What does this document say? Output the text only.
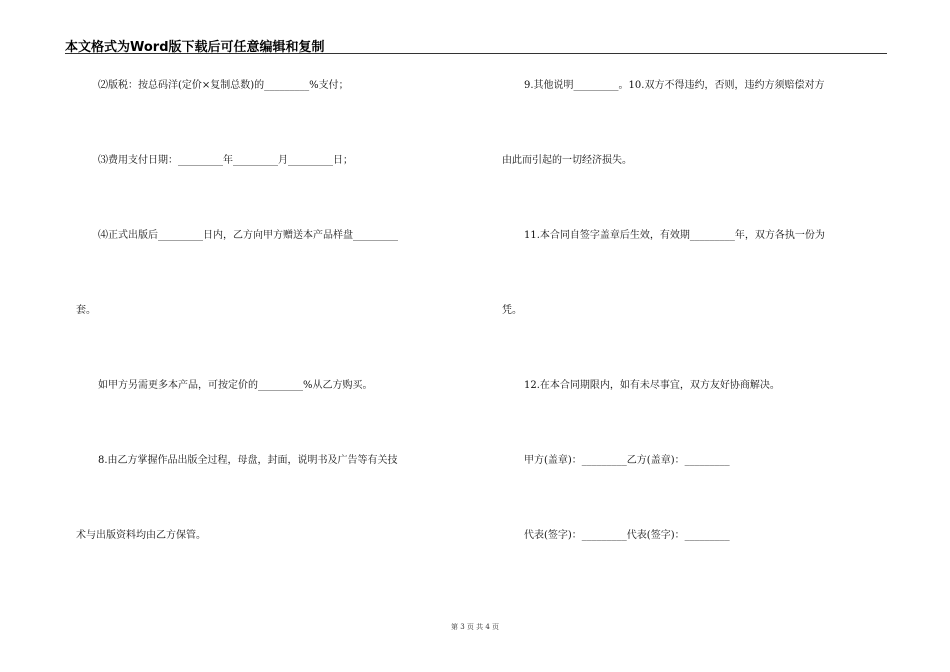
本文格式为Word版下载后可任意编辑和复制
⑵版税：按总码洋(定价×复制总数)的_________%支付；
⑶费用支付日期：_________年_________月_________日；
⑷正式出版后_________日内，乙方向甲方赠送本产品样盘_________
套。
如甲方另需更多本产品，可按定价的_________%从乙方购买。
8.由乙方掌握作品出版全过程，母盘，封面，说明书及广告等有关技
术与出版资料均由乙方保管。
9.其他说明_________。10.双方不得违约，否则，违约方须赔偿对方
由此而引起的一切经济损失。
11.本合同自签字盖章后生效，有效期_________年，双方各执一份为
凭。
12.在本合同期限内，如有未尽事宜，双方友好协商解决。
甲方(盖章)：_________乙方(盖章)：_________
代表(签字)：_________代表(签字)：_________
第 3 页 共 4 页
